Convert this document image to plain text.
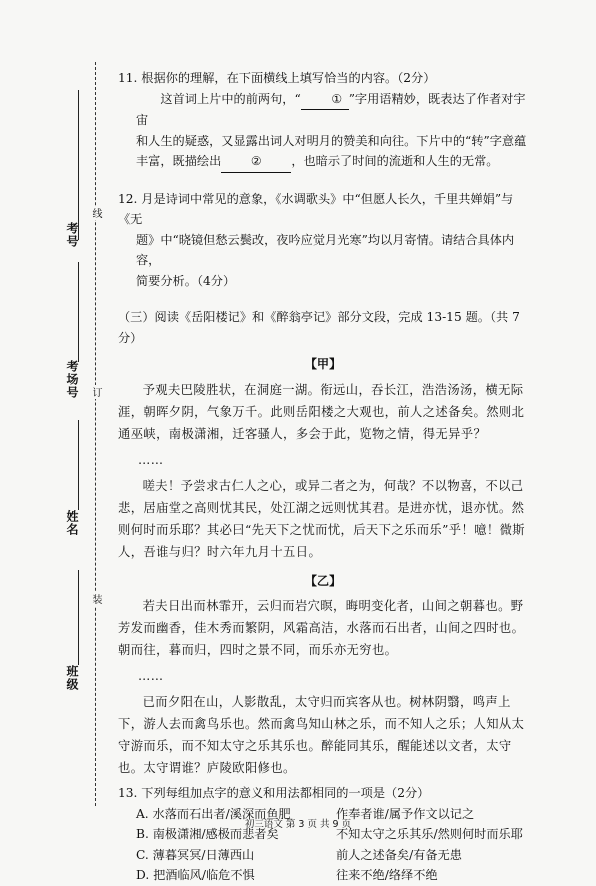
考号
线
考场号 订
姓名
班级
装

11. 根据你的理解，在下面横线上填写恰当的内容。（2分）

这首词上片中的前两句，“	① ”字用语精妙，既表达了作者对宇宙
和人生的疑惑，又显露出词人对明月的赞美和向往。下片中的“转”字意蕴
丰富，既描绘出 ② ，也暗示了时间的流逝和人生的无常。

12. 月是诗词中常见的意象，《水调歌头》中“但愿人长久，千里共婵娟”与《无

题》中“晓镜但愁云鬓改，夜吟应觉月光寒”均以月寄情。请结合具体内容，
简要分析。（4分）

（三）阅读《岳阳楼记》和《醉翁亭记》部分文段，完成 13-15 题。（共 7分）

【甲】

予观夫巴陵胜状，在洞庭一湖。衔远山，吞长江，浩浩汤汤，横无际涯，朝晖夕阴，气象万千。此则岳阳楼之大观也，前人之述备矣。然则北通巫峡，南极潇湘，迁客骚人，多会于此，览物之情，得无异乎？

……

嗟夫！予尝求古仁人之心，或异二者之为，何哉？不以物喜，不以己悲，居庙堂之高则忧其民，处江湖之远则忧其君。是进亦忧，退亦忧。然则何时而乐耶？其必曰“先天下之忧而忧，后天下之乐而乐”乎！噫！微斯人，吾谁与归？时六年九月十五日。

【乙】

若夫日出而林霏开，云归而岩穴暝，晦明变化者，山间之朝暮也。野芳发而幽香，佳木秀而繁阴，风霜高洁，水落而石出者，山间之四时也。朝而往，暮而归，四时之景不同，而乐亦无穷也。

……

已而夕阳在山，人影散乱，太守归而宾客从也。树林阴翳，鸣声上下，游人去而禽鸟乐也。然而禽鸟知山林之乐，而不知人之乐；人知从太守游而乐，而不知太守之乐其乐也。醉能同其乐，醒能述以文者，太守也。太守谓谁？庐陵欧阳修也。

13. 下列每组加点字的意义和用法都相同的一项是（2分）

A. 水落而石出者/溪深而鱼肥	作奉者谁/属予作文以记之
B. 南极潇湘/感极而悲者矣	不知太守之乐其乐/然则何时而乐耶
C. 薄暮冥冥/日薄西山	前人之述备矣/有备无患
D. 把酒临风/临危不惧	往来不绝/络绎不绝
初三语文 第 3 页 共 9 页
